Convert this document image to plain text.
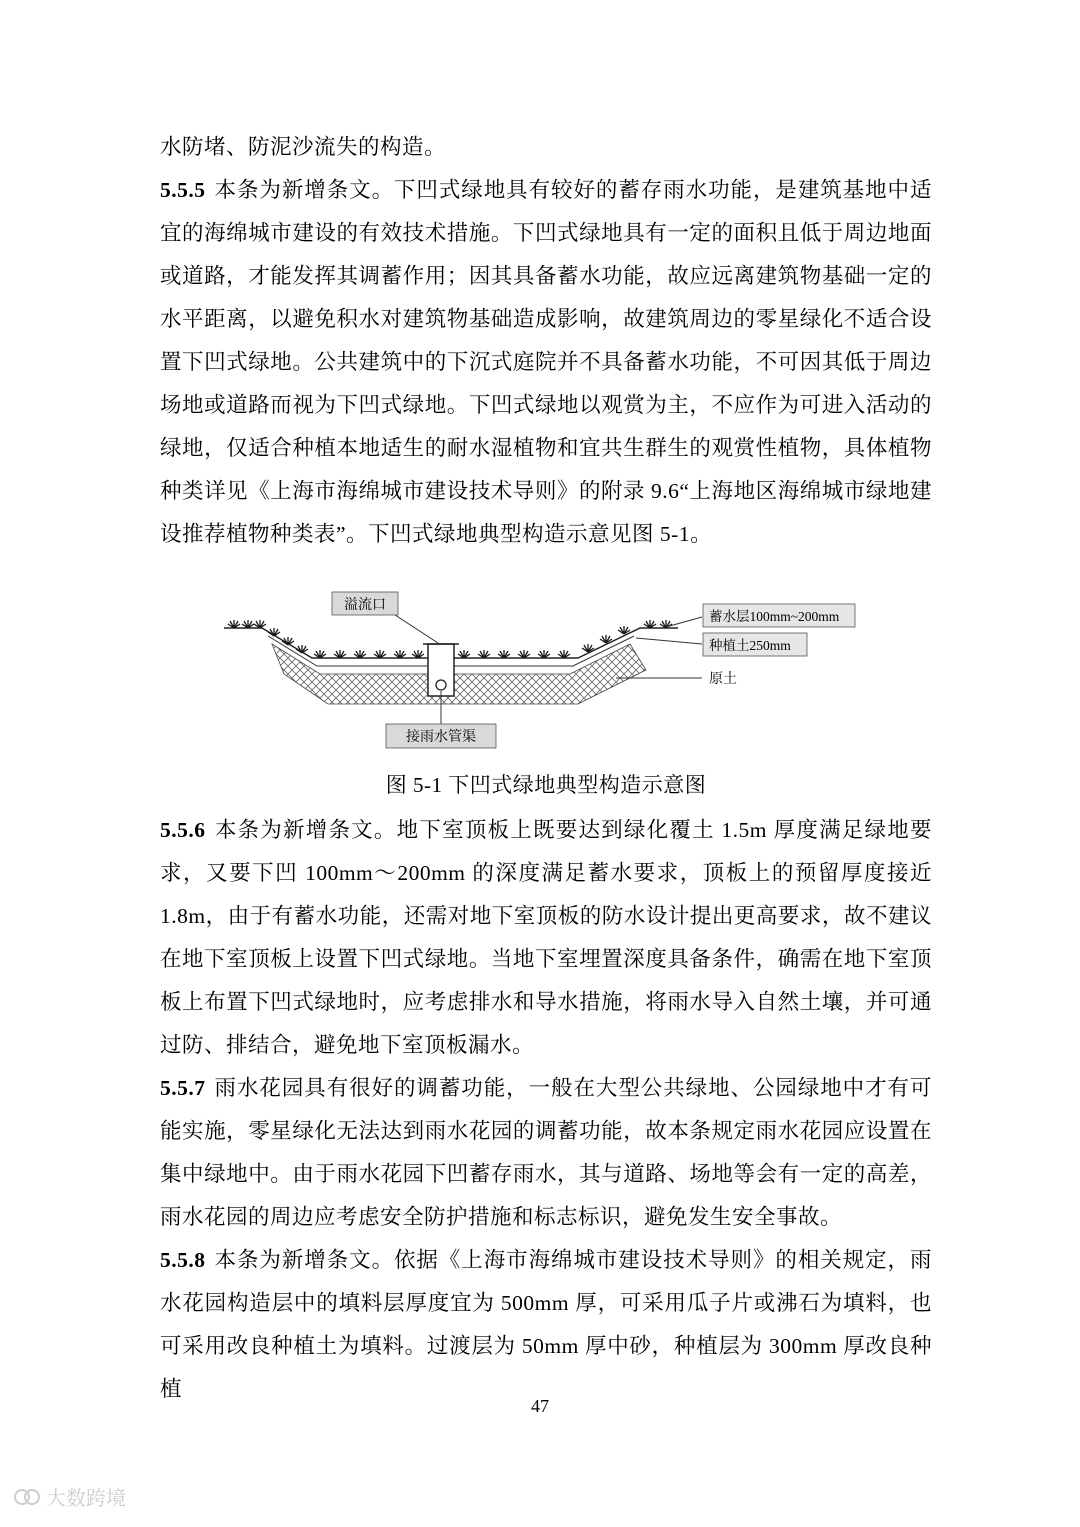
水防堵、防泥沙流失的构造。

5.5.5 本条为新增条文。下凹式绿地具有较好的蓄存雨水功能，是建筑基地中适宜的海绵城市建设的有效技术措施。下凹式绿地具有一定的面积且低于周边地面或道路，才能发挥其调蓄作用；因其具备蓄水功能，故应远离建筑物基础一定的水平距离，以避免积水对建筑物基础造成影响，故建筑周边的零星绿化不适合设置下凹式绿地。公共建筑中的下沉式庭院并不具备蓄水功能，不可因其低于周边场地或道路而视为下凹式绿地。下凹式绿地以观赏为主，不应作为可进入活动的绿地，仅适合种植本地适生的耐水湿植物和宜共生群生的观赏性植物，具体植物种类详见《上海市海绵城市建设技术导则》的附录 9.6“上海地区海绵城市绿地建设推荐植物种类表”。下凹式绿地典型构造示意见图 5-1。

溢流口
蓄水层100mm~200mm
种植土250mm
原土
接雨水管渠

图 5-1 下凹式绿地典型构造示意图

5.5.6 本条为新增条文。地下室顶板上既要达到绿化覆土 1.5m 厚度满足绿地要求，又要下凹 100mm～200mm 的深度满足蓄水要求，顶板上的预留厚度接近 1.8m，由于有蓄水功能，还需对地下室顶板的防水设计提出更高要求，故不建议在地下室顶板上设置下凹式绿地。当地下室埋置深度具备条件，确需在地下室顶板上布置下凹式绿地时，应考虑排水和导水措施，将雨水导入自然土壤，并可通过防、排结合，避免地下室顶板漏水。

5.5.7 雨水花园具有很好的调蓄功能，一般在大型公共绿地、公园绿地中才有可能实施，零星绿化无法达到雨水花园的调蓄功能，故本条规定雨水花园应设置在集中绿地中。由于雨水花园下凹蓄存雨水，其与道路、场地等会有一定的高差，雨水花园的周边应考虑安全防护措施和标志标识，避免发生安全事故。

5.5.8 本条为新增条文。依据《上海市海绵城市建设技术导则》的相关规定，雨水花园构造层中的填料层厚度宜为 500mm 厚，可采用瓜子片或沸石为填料，也可采用改良种植土为填料。过渡层为 50mm 厚中砂，种植层为 300mm 厚改良种植

47
大数跨境
